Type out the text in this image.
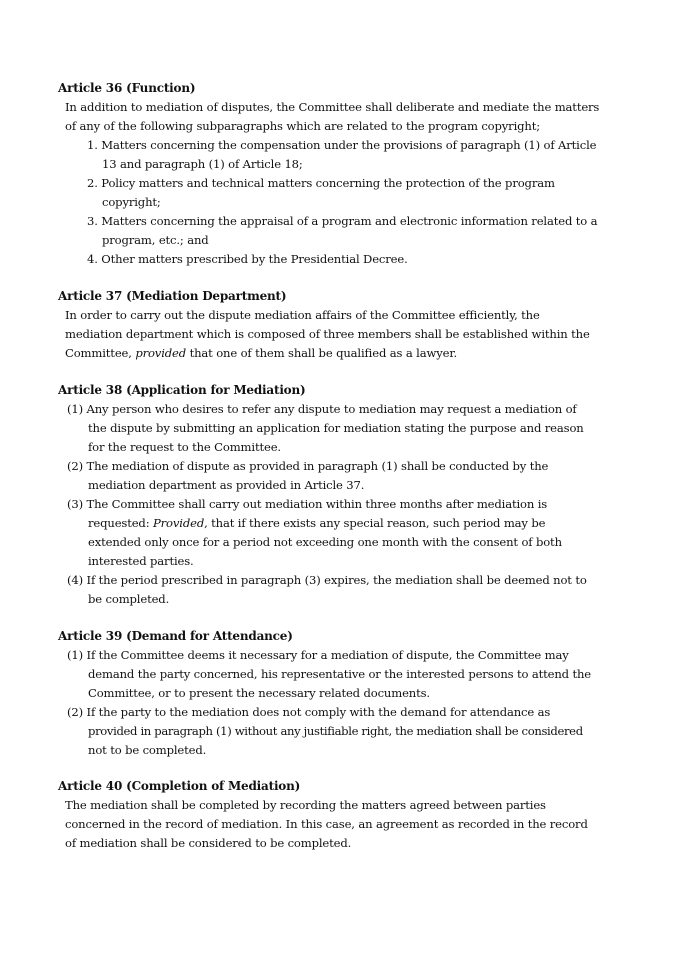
Article 36 (Function)
In addition to mediation of disputes, the Committee shall deliberate and mediate the matters
of any of the following subparagraphs which are related to the program copyright;
1. Matters concerning the compensation under the provisions of paragraph (1) of Article
13 and paragraph (1) of Article 18;
2. Policy matters and technical matters concerning the protection of the program
copyright;
3. Matters concerning the appraisal of a program and electronic information related to a
program, etc.; and
4. Other matters prescribed by the Presidential Decree.
Article 37 (Mediation Department)
In order to carry out the dispute mediation affairs of the Committee efficiently, the
mediation department which is composed of three members shall be established within the
Committee, provided that one of them shall be qualified as a lawyer.
Article 38 (Application for Mediation)
(1) Any person who desires to refer any dispute to mediation may request a mediation of
the dispute by submitting an application for mediation stating the purpose and reason
for the request to the Committee.
(2) The mediation of dispute as provided in paragraph (1) shall be conducted by the
mediation department as provided in Article 37.
(3) The Committee shall carry out mediation within three months after mediation is
requested: Provided, that if there exists any special reason, such period may be
extended only once for a period not exceeding one month with the consent of both
interested parties.
(4) If the period prescribed in paragraph (3) expires, the mediation shall be deemed not to
be completed.
Article 39 (Demand for Attendance)
(1) If the Committee deems it necessary for a mediation of dispute, the Committee may
demand the party concerned, his representative or the interested persons to attend the
Committee, or to present the necessary related documents.
(2) If the party to the mediation does not comply with the demand for attendance as
provided in paragraph (1) without any justifiable right, the mediation shall be considered
not to be completed.
Article 40 (Completion of Mediation)
The mediation shall be completed by recording the matters agreed between parties
concerned in the record of mediation. In this case, an agreement as recorded in the record
of mediation shall be considered to be completed.
